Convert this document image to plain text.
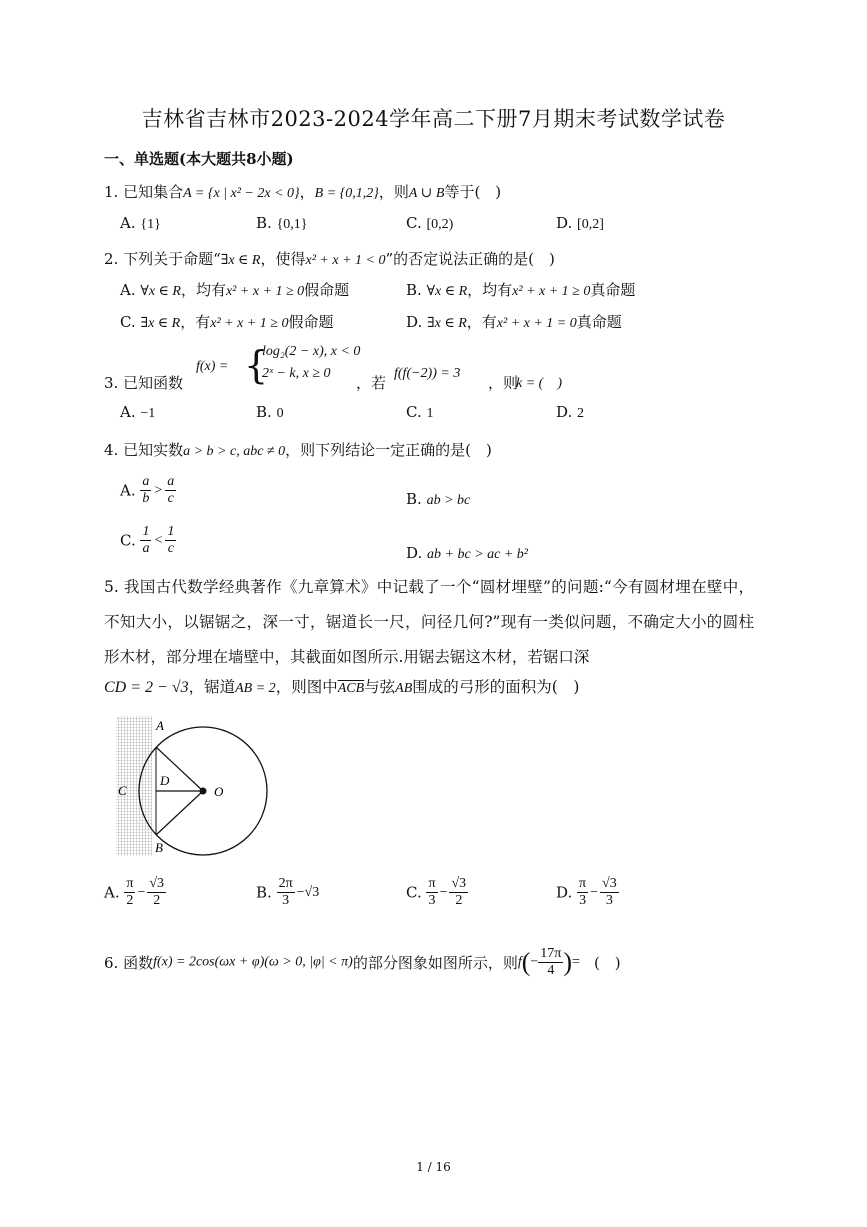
吉林省吉林市2023-2024学年高二下册7月期末考试数学试卷
一、单选题(本大题共8小题)
1. 已知集合A = {x | x² − 2x < 0}，B = {0,1,2}，则A ∪ B等于(　)
A. {1}	B. {0,1}	C. [0,2)	D. [0,2]
2. 下列关于命题“∃x ∈ R，使得x² + x + 1 < 0”的否定说法正确的是(　)
A. ∀x ∈ R，均有x² + x + 1 ≥ 0假命题	B. ∀x ∈ R，均有x² + x + 1 ≥ 0真命题
C. ∃x ∈ R，有x² + x + 1 ≥ 0假命题	D. ∃x ∈ R，有x² + x + 1 = 0真命题
3. 已知函数
f(x) = {
log₂(2 − x), x < 0
2ˣ − k, x ≥ 0
，若
f(f(−2)) = 3
，则
k = (　)
A. −1	B. 0	C. 1	D. 2
4. 已知实数a > b > c, abc ≠ 0，则下列结论一定正确的是(　)
A. $\frac{a}{b} > \frac{a}{c}$	B. ab > bc
C. $\frac{1}{a} < \frac{1}{c}$	D. ab + bc > ac + b²
5. 我国古代数学经典著作《九章算术》中记载了一个“圆材埋壁”的问题:“今有圆材埋在壁中，不知大小，以锯锯之，深一寸，锯道长一尺，问径几何?”现有一类似问题，不确定大小的圆柱形木材，部分埋在墙壁中，其截面如图所示.用锯去锯这木材，若锯口深
CD = 2 − √3，锯道AB = 2，则图中$\overline{ACB}$与弦AB围成的弓形的面积为(　)
A
B
C
D
O
A. $\frac{\pi}{2} - \frac{√3}{2}$	B. $\frac{2\pi}{3} -√3$	C. $\frac{\pi}{3} - \frac{√3}{2}$	D. $\frac{\pi}{3} - \frac{√3}{3}$
6. 函数f(x) = 2cos(ωx + φ)(ω > 0, |φ| < π)的部分图象如图所示，则$f(- \frac{17\pi}{4}$ )= (　)
1 / 16
